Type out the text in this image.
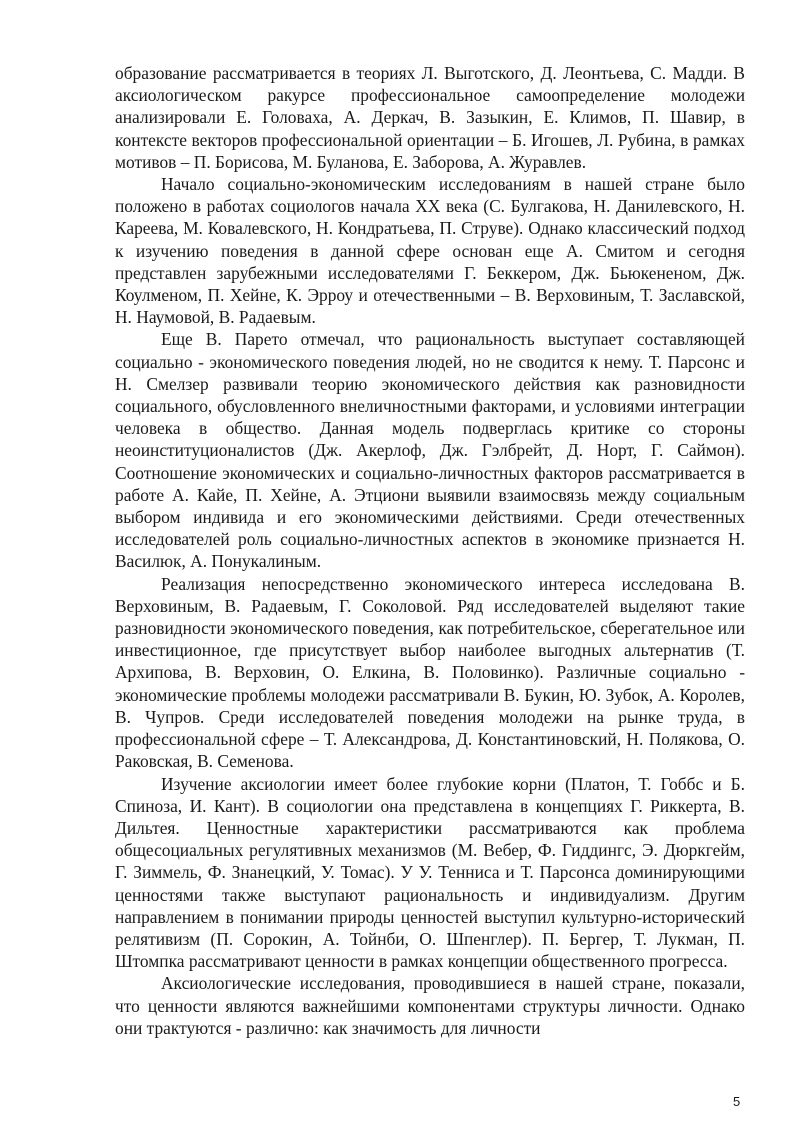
образование рассматривается в теориях Л. Выготского, Д. Леонтьева, С. Мадди. В аксиологическом ракурсе профессиональное самоопределение молодежи анализировали Е. Головаха, А. Деркач, В. Зазыкин, Е. Климов, П. Шавир, в контексте векторов профессиональной ориентации – Б. Игошев, Л. Рубина, в рамках мотивов – П. Борисова, М. Буланова, Е. Заборова, А. Журавлев.

Начало социально-экономическим исследованиям в нашей стране было положено в работах социологов начала XX века (С. Булгакова, Н. Данилевского, Н. Кареева, М. Ковалевского, Н. Кондратьева, П. Струве). Однако классический подход к изучению поведения в данной сфере основан еще А. Смитом и сегодня представлен зарубежными исследователями Г. Беккером, Дж. Бьюкененом, Дж. Коулменом, П. Хейне, К. Эрроу и отечественными – В. Верховиным, Т. Заславской, Н. Наумовой, В. Радаевым.

Еще В. Парето отмечал, что рациональность выступает составляющей социально - экономического поведения людей, но не сводится к нему. Т. Парсонс и Н. Смелзер развивали теорию экономического действия как разновидности социального, обусловленного внеличностными факторами, и условиями интеграции человека в общество. Данная модель подверглась критике со стороны неоинституционалистов (Дж. Акерлоф, Дж. Гэлбрейт, Д. Норт, Г. Саймон). Соотношение экономических и социально-личностных факторов рассматривается в работе А. Кайе, П. Хейне, А. Этциони выявили взаимосвязь между социальным выбором индивида и его экономическими действиями. Среди отечественных исследователей роль социально-личностных аспектов в экономике признается Н. Василюк, А. Понукалиным.

Реализация непосредственно экономического интереса исследована В. Верховиным, В. Радаевым, Г. Соколовой. Ряд исследователей выделяют такие разновидности экономического поведения, как потребительское, сберегательное или инвестиционное, где присутствует выбор наиболее выгодных альтернатив (Т. Архипова, В. Верховин, О. Елкина, В. Половинко). Различные социально - экономические проблемы молодежи рассматривали В. Букин, Ю. Зубок, А. Королев, В. Чупров. Среди исследователей поведения молодежи на рынке труда, в профессиональной сфере – Т. Александрова, Д. Константиновский, Н. Полякова, О. Раковская, В. Семенова.

Изучение аксиологии имеет более глубокие корни (Платон, Т. Гоббс и Б. Спиноза, И. Кант). В социологии она представлена в концепциях Г. Риккерта, В. Дильтея. Ценностные характеристики рассматриваются как проблема общесоциальных регулятивных механизмов (М. Вебер, Ф. Гиддингс, Э. Дюркгейм, Г. Зиммель, Ф. Знанецкий, У. Томас). У У. Тенниса и Т. Парсонса доминирующими ценностями также выступают рациональность и индивидуализм. Другим направлением в понимании природы ценностей выступил культурно-исторический релятивизм (П. Сорокин, А. Тойнби, О. Шпенглер). П. Бергер, Т. Лукман, П. Штомпка рассматривают ценности в рамках концепции общественного прогресса.

Аксиологические исследования, проводившиеся в нашей стране, показали, что ценности являются важнейшими компонентами структуры личности. Однако они трактуются - различно: как значимость для личности

5
